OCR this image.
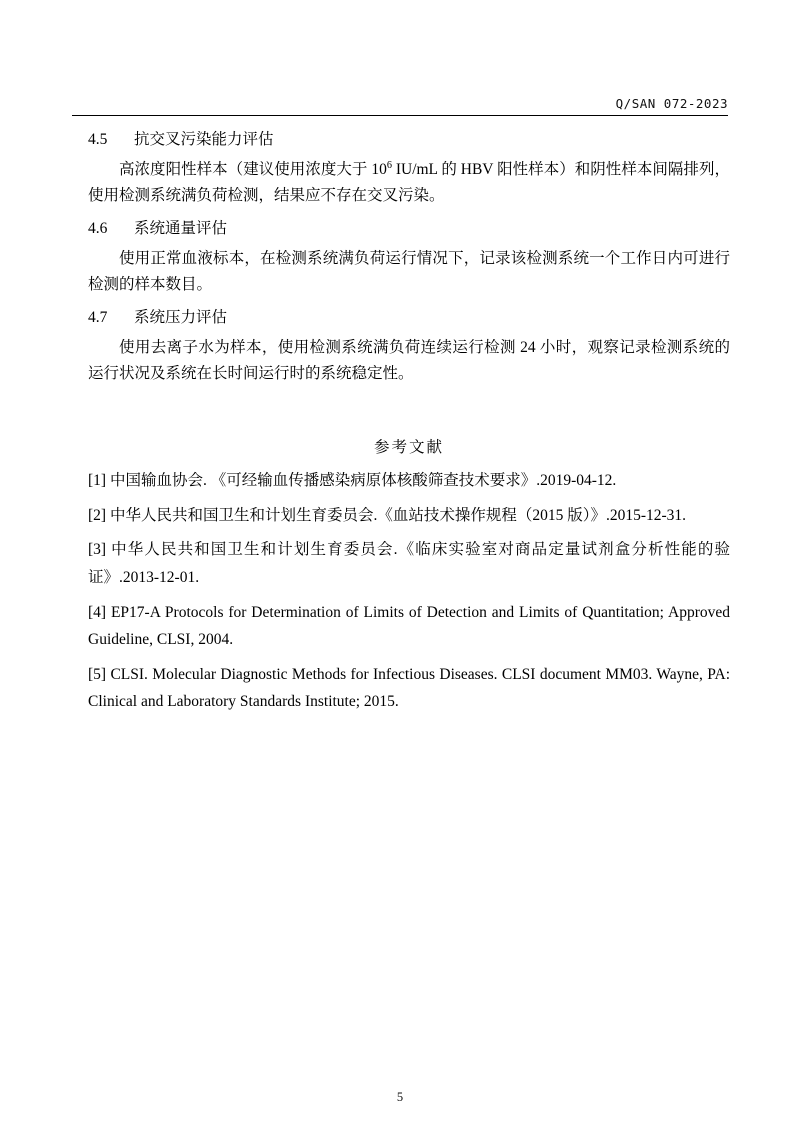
Q/SAN 072-2023
4.5	抗交叉污染能力评估

高浓度阳性样本（建议使用浓度大于 $10^6$ IU/mL 的 HBV 阳性样本）和阴性样本间隔排列，使用检测系统满负荷检测，结果应不存在交叉污染。

4.6	系统通量评估

使用正常血液标本，在检测系统满负荷运行情况下，记录该检测系统一个工作日内可进行检测的样本数目。

4.7	系统压力评估

使用去离子水为样本，使用检测系统满负荷连续运行检测 24 小时，观察记录检测系统的运行状况及系统在长时间运行时的系统稳定性。

参考文献
[1] 中国输血协会. 《可经输血传播感染病原体核酸筛查技术要求》.2019-04-12.
[2] 中华人民共和国卫生和计划生育委员会.《血站技术操作规程（2015 版）》.2015-12-31.
[3] 中华人民共和国卫生和计划生育委员会.《临床实验室对商品定量试剂盒分析性能的验证》.2013-12-01.
[4] EP17-A Protocols for Determination of Limits of Detection and Limits of Quantitation; Approved Guideline, CLSI, 2004.
[5] CLSI. Molecular Diagnostic Methods for Infectious Diseases. CLSI document MM03. Wayne, PA: Clinical and Laboratory Standards Institute; 2015.
5
